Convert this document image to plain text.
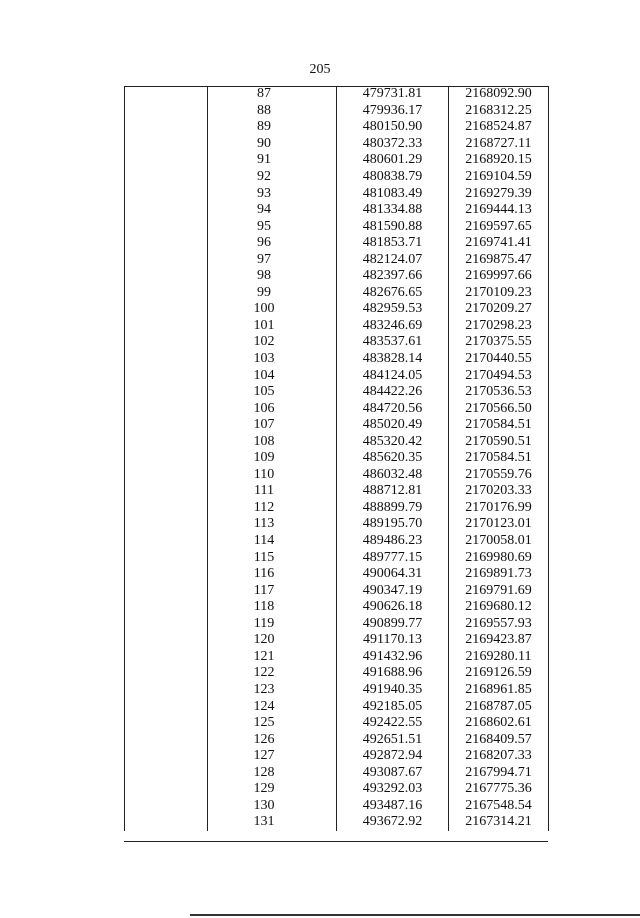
205
	87	479731.81	2168092.90
	88	479936.17	2168312.25
	89	480150.90	2168524.87
	90	480372.33	2168727.11
	91	480601.29	2168920.15
	92	480838.79	2169104.59
	93	481083.49	2169279.39
	94	481334.88	2169444.13
	95	481590.88	2169597.65
	96	481853.71	2169741.41
	97	482124.07	2169875.47
	98	482397.66	2169997.66
	99	482676.65	2170109.23
	100	482959.53	2170209.27
	101	483246.69	2170298.23
	102	483537.61	2170375.55
	103	483828.14	2170440.55
	104	484124.05	2170494.53
	105	484422.26	2170536.53
	106	484720.56	2170566.50
	107	485020.49	2170584.51
	108	485320.42	2170590.51
	109	485620.35	2170584.51
	110	486032.48	2170559.76
	111	488712.81	2170203.33
	112	488899.79	2170176.99
	113	489195.70	2170123.01
	114	489486.23	2170058.01
	115	489777.15	2169980.69
	116	490064.31	2169891.73
	117	490347.19	2169791.69
	118	490626.18	2169680.12
	119	490899.77	2169557.93
	120	491170.13	2169423.87
	121	491432.96	2169280.11
	122	491688.96	2169126.59
	123	491940.35	2168961.85
	124	492185.05	2168787.05
	125	492422.55	2168602.61
	126	492651.51	2168409.57
	127	492872.94	2168207.33
	128	493087.67	2167994.71
	129	493292.03	2167775.36
	130	493487.16	2167548.54
	131	493672.92	2167314.21
